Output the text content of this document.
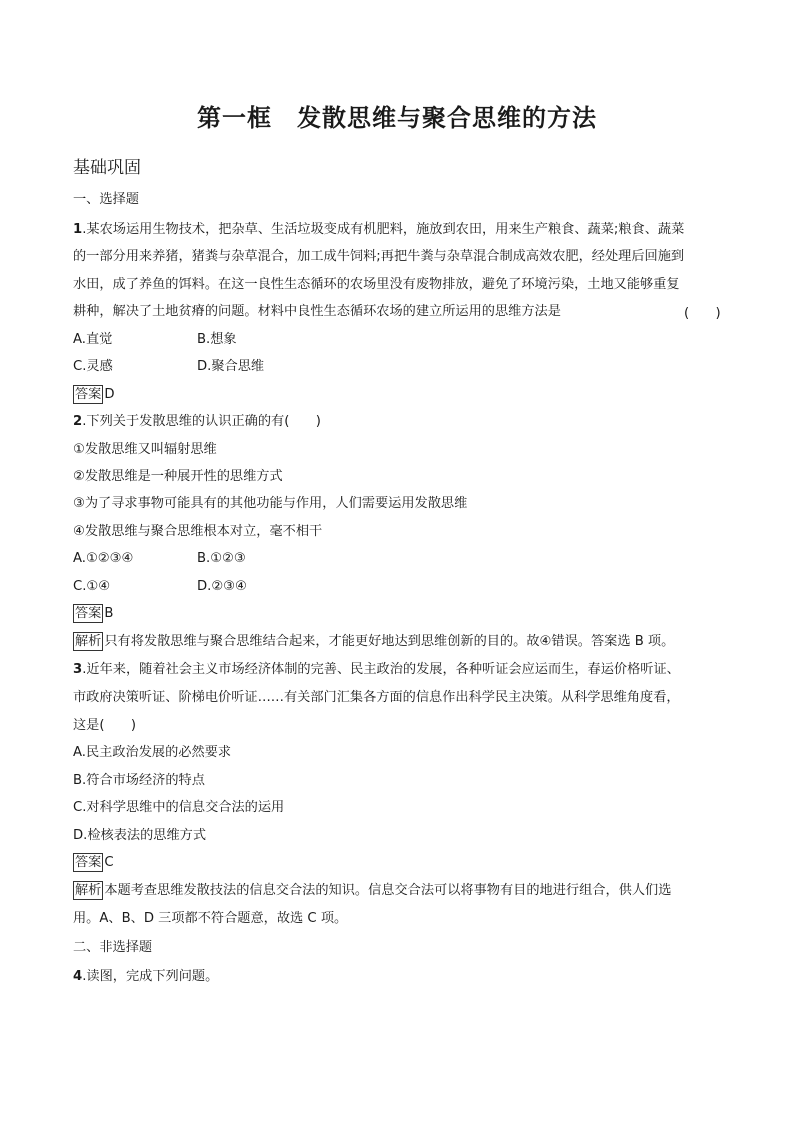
第一框　发散思维与聚合思维的方法
基础巩固
一、选择题
1.某农场运用生物技术，把杂草、生活垃圾变成有机肥料，施放到农田，用来生产粮食、蔬菜;粮食、蔬菜
的一部分用来养猪，猪粪与杂草混合，加工成牛饲料;再把牛粪与杂草混合制成高效农肥，经处理后回施到
水田，成了养鱼的饵料。在这一良性生态循环的农场里没有废物排放，避免了环境污染，土地又能够重复
耕种，解决了土地贫瘠的问题。材料中良性生态循环农场的建立所运用的思维方法是	(　　)
A.直觉	B.想象
C.灵感	D.聚合思维
答案 D
2.下列关于发散思维的认识正确的有(　　)
①发散思维又叫辐射思维
②发散思维是一种展开性的思维方式
③为了寻求事物可能具有的其他功能与作用，人们需要运用发散思维
④发散思维与聚合思维根本对立，毫不相干
A.①②③④	B.①②③
C.①④	D.②③④
答案 B
解析 只有将发散思维与聚合思维结合起来，才能更好地达到思维创新的目的。故④错误。答案选 B 项。
3.近年来，随着社会主义市场经济体制的完善、民主政治的发展，各种听证会应运而生，春运价格听证、
市政府决策听证、阶梯电价听证……有关部门汇集各方面的信息作出科学民主决策。从科学思维角度看，
这是(　　)
A.民主政治发展的必然要求
B.符合市场经济的特点
C.对科学思维中的信息交合法的运用
D.检核表法的思维方式
答案 C
解析 本题考查思维发散技法的信息交合法的知识。信息交合法可以将事物有目的地进行组合，供人们选
用。A、B、D 三项都不符合题意，故选 C 项。
二、非选择题
4.读图，完成下列问题。
